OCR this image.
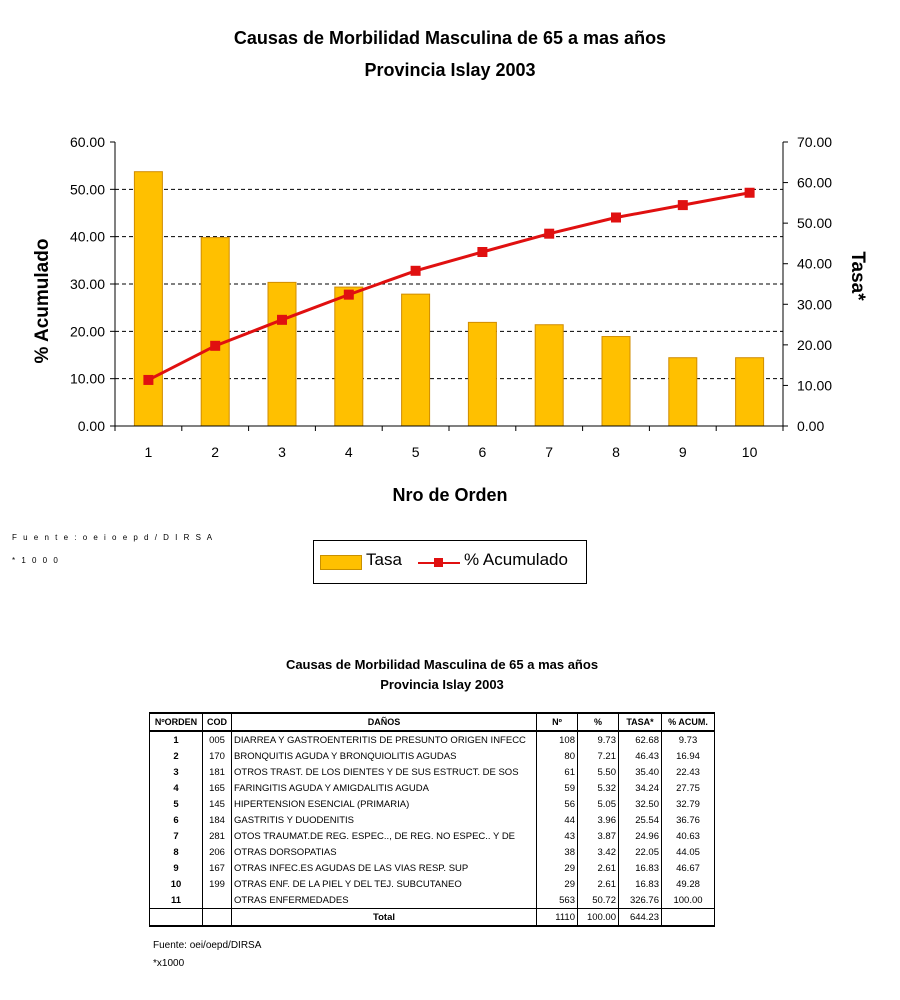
Causas de Morbilidad Masculina de 65 a mas años
Provincia Islay 2003
0.00
10.00
20.00
30.00
40.00
50.00
60.00
0.00
10.00
20.00
30.00
40.00
50.00
60.00
70.00
1	2	3	4	5	6	7	8	9	10
Nro de Orden
% Acumulado	Tasa*
F u e n t e : o e i o e p d / D I R S A
* 1 0 0 0	Tasa	% Acumulado
Causas de Morbilidad Masculina de 65 a mas años
Provincia Islay 2003
NºORDEN	COD	DAÑOS	Nº	%	TASA*	% ACUM.
1	005	DIARREA Y GASTROENTERITIS DE PRESUNTO ORIGEN INFECC	108	9.73	62.68	9.73
2	170	BRONQUITIS AGUDA Y BRONQUIOLITIS AGUDAS	80	7.21	46.43	16.94
3	181	OTROS TRAST. DE LOS DIENTES Y DE SUS ESTRUCT. DE SOS	61	5.50	35.40	22.43
4	165	FARINGITIS AGUDA Y AMIGDALITIS AGUDA	59	5.32	34.24	27.75
5	145	HIPERTENSION ESENCIAL (PRIMARIA)	56	5.05	32.50	32.79
6	184	GASTRITIS Y DUODENITIS	44	3.96	25.54	36.76
7	281	OTOS TRAUMAT.DE REG. ESPEC.., DE REG. NO ESPEC.. Y DE	43	3.87	24.96	40.63
8	206	OTRAS DORSOPATIAS	38	3.42	22.05	44.05
9	167	OTRAS INFEC.ES AGUDAS DE LAS VIAS RESP. SUP	29	2.61	16.83	46.67
10	199	OTRAS ENF. DE LA PIEL Y DEL TEJ. SUBCUTANEO	29	2.61	16.83	49.28
11		OTRAS ENFERMEDADES	563	50.72	326.76	100.00
		Total	1110	100.00	644.23	
Fuente: oei/oepd/DIRSA
*x1000
